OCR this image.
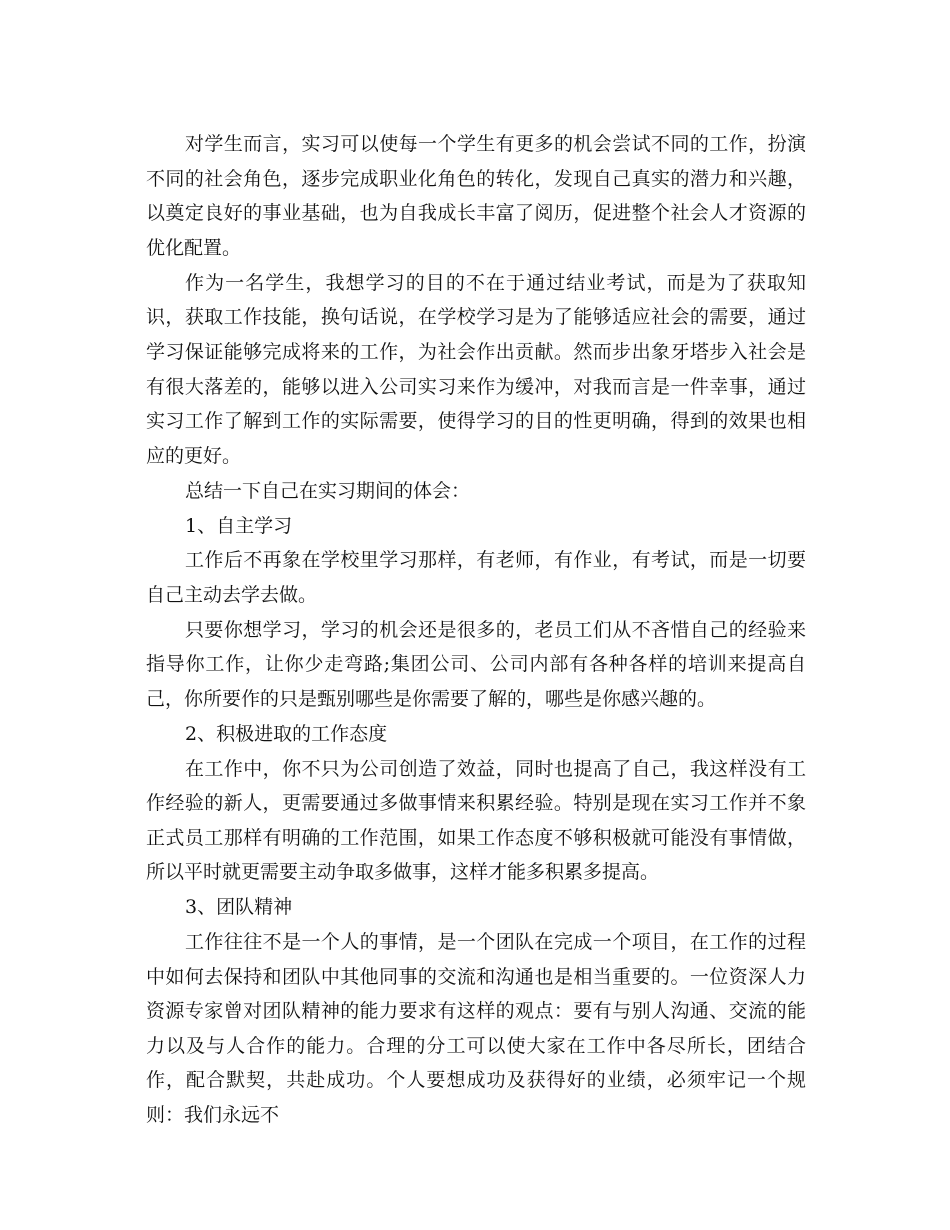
对学生而言，实习可以使每一个学生有更多的机会尝试不同的工作，扮演不同的社会角色，逐步完成职业化角色的转化，发现自己真实的潜力和兴趣，以奠定良好的事业基础，也为自我成长丰富了阅历，促进整个社会人才资源的优化配置。

作为一名学生，我想学习的目的不在于通过结业考试，而是为了获取知识，获取工作技能，换句话说，在学校学习是为了能够适应社会的需要，通过学习保证能够完成将来的工作，为社会作出贡献。然而步出象牙塔步入社会是有很大落差的，能够以进入公司实习来作为缓冲，对我而言是一件幸事，通过实习工作了解到工作的实际需要，使得学习的目的性更明确，得到的效果也相应的更好。

总结一下自己在实习期间的体会：

1、自主学习

工作后不再象在学校里学习那样，有老师，有作业，有考试，而是一切要自己主动去学去做。

只要你想学习，学习的机会还是很多的，老员工们从不吝惜自己的经验来指导你工作，让你少走弯路;集团公司、公司内部有各种各样的培训来提高自己，你所要作的只是甄别哪些是你需要了解的，哪些是你感兴趣的。

2、积极进取的工作态度

在工作中，你不只为公司创造了效益，同时也提高了自己，我这样没有工作经验的新人，更需要通过多做事情来积累经验。特别是现在实习工作并不象正式员工那样有明确的工作范围，如果工作态度不够积极就可能没有事情做，所以平时就更需要主动争取多做事，这样才能多积累多提高。

3、团队精神

工作往往不是一个人的事情，是一个团队在完成一个项目，在工作的过程中如何去保持和团队中其他同事的交流和沟通也是相当重要的。一位资深人力资源专家曾对团队精神的能力要求有这样的观点：要有与别人沟通、交流的能力以及与人合作的能力。合理的分工可以使大家在工作中各尽所长，团结合作，配合默契，共赴成功。个人要想成功及获得好的业绩，必须牢记一个规则：我们永远不
